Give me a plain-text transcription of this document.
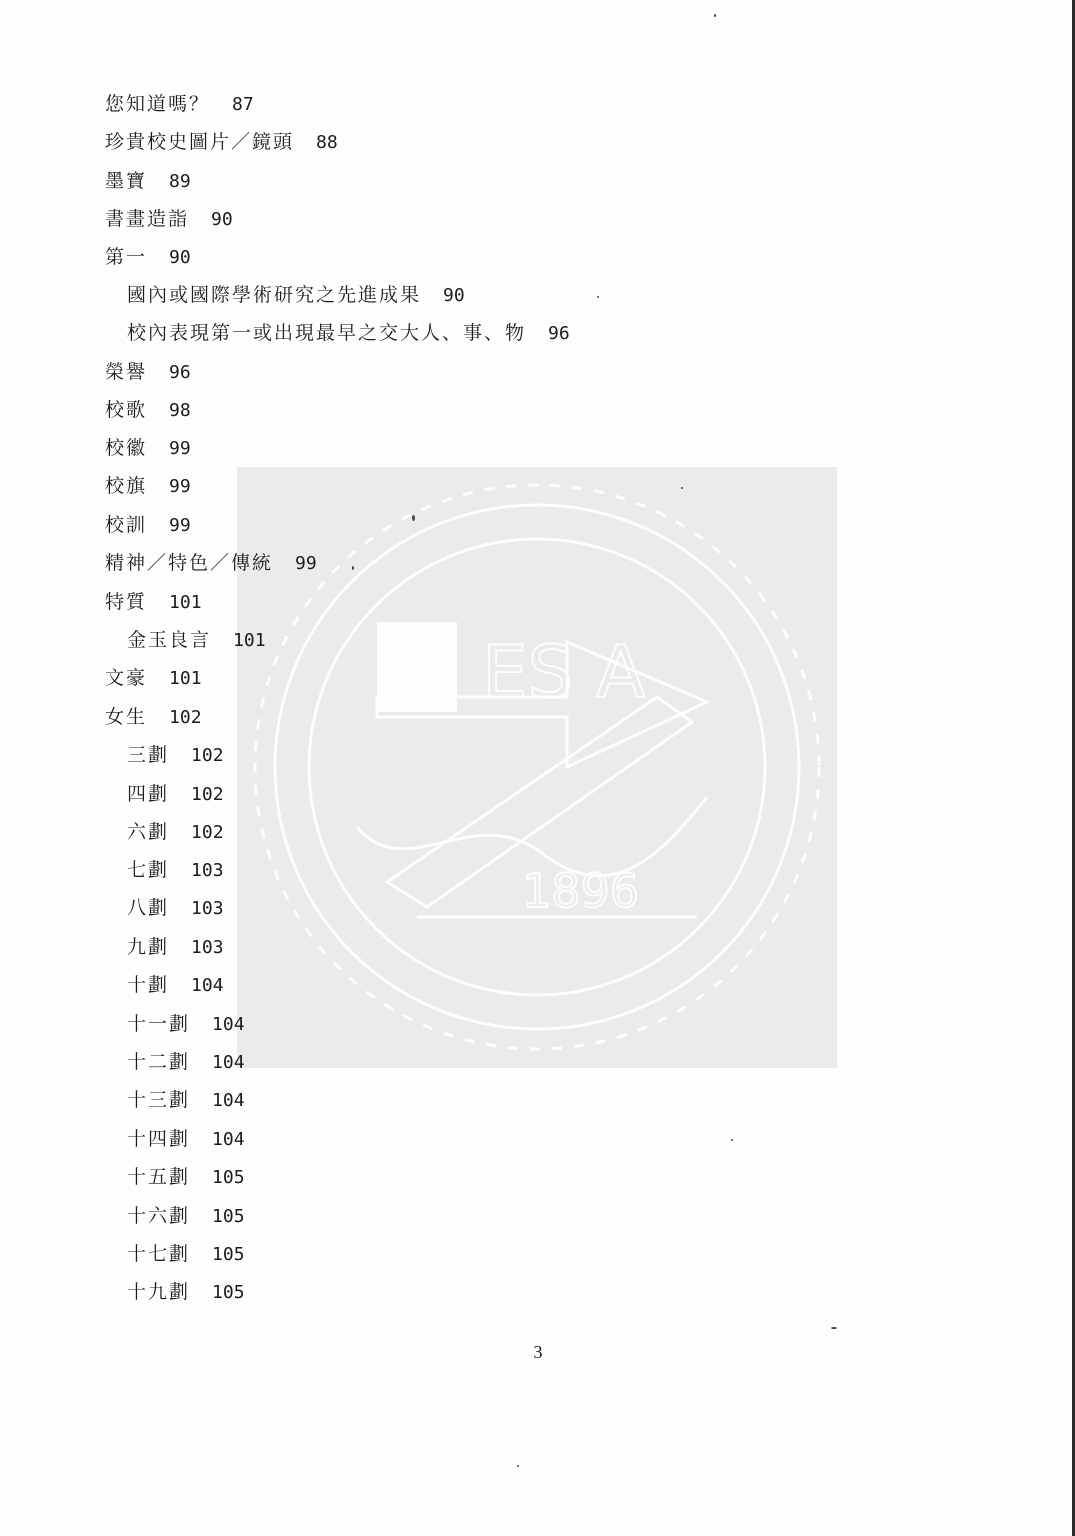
ES A
1896
您知道嗎？ 87
珍貴校史圖片／鏡頭 88
墨寶 89
書畫造詣 90
第一 90
國內或國際學術研究之先進成果 90
校內表現第一或出現最早之交大人、事、物 96
榮譽 96
校歌 98
校徽 99
校旗 99
校訓 99
精神／特色／傳統 99
特質 101
金玉良言 101
文豪 101
女生 102
三劃 102
四劃 102
六劃 102
七劃 103
八劃 103
九劃 103
十劃 104
十一劃 104
十二劃 104
十三劃 104
十四劃 104
十五劃 105
十六劃 105
十七劃 105
十九劃 105
3
